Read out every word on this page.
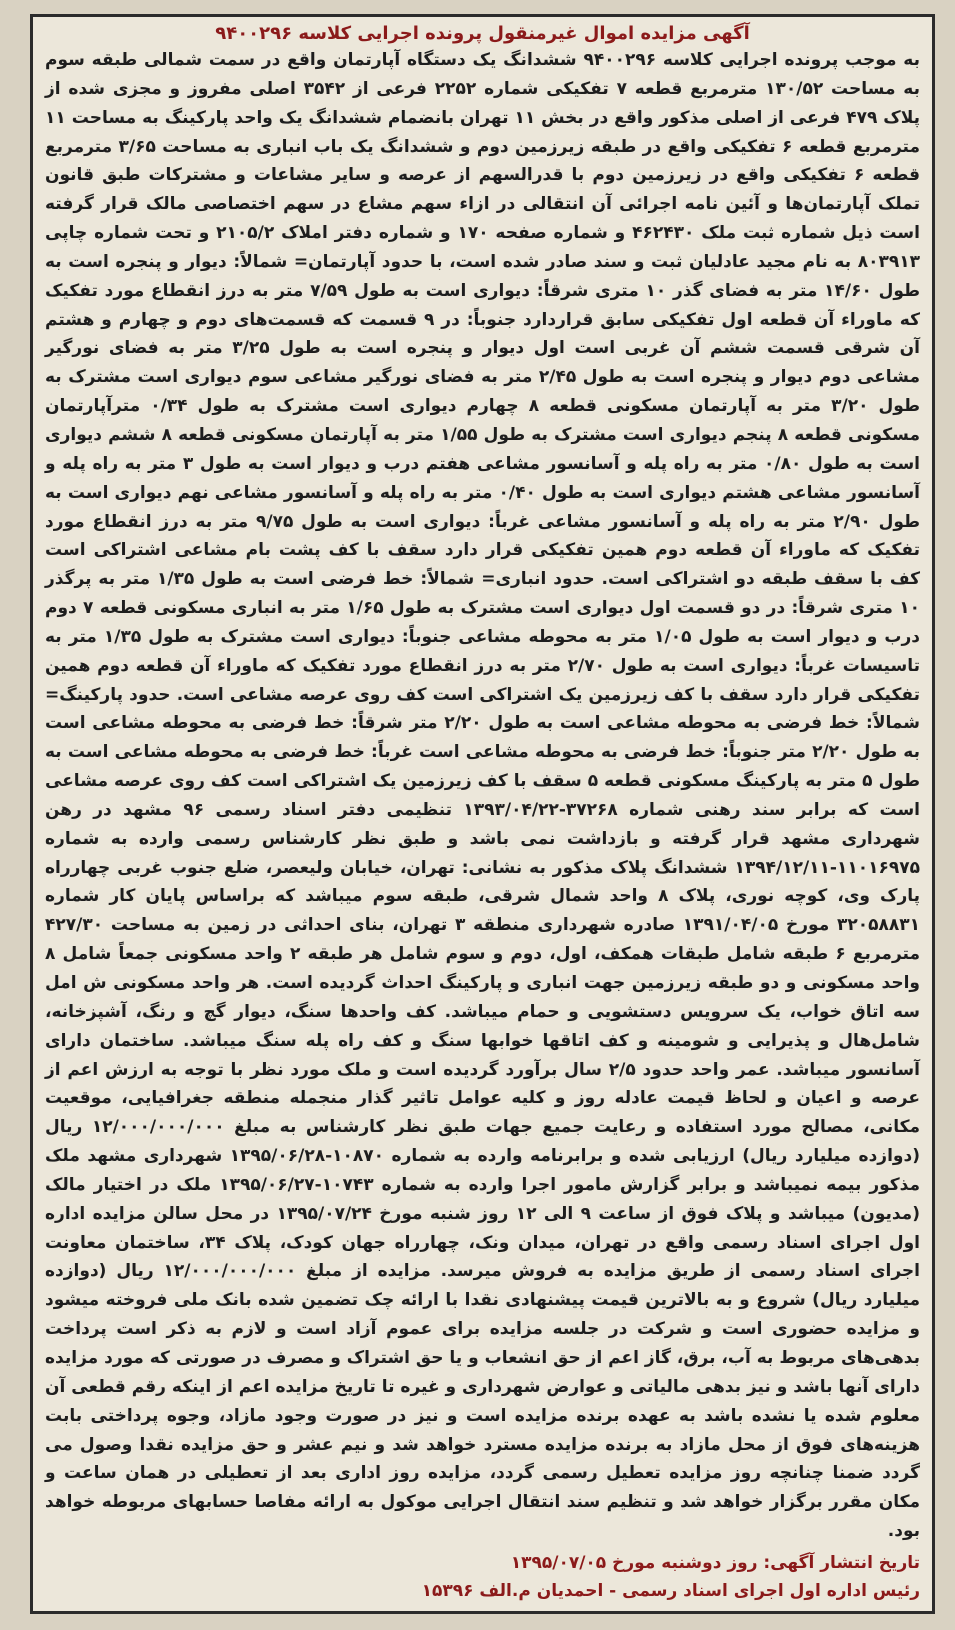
آگهی مزایده اموال غیرمنقول پرونده اجرایی کلاسه ۹۴۰۰۲۹۶
به موجب پرونده اجرایی کلاسه ۹۴۰۰۲۹۶ ششدانگ یک دستگاه آپارتمان واقع در سمت شمالی طبقه سوم به مساحت ۱۳۰/۵۲ مترمربع قطعه ۷ تفکیکی شماره ۲۲۵۲ فرعی از ۳۵۴۲ اصلی مفروز و مجزی شده از پلاک ۴۷۹ فرعی از اصلی مذکور واقع در بخش ۱۱ تهران بانضمام ششدانگ یک واحد پارکینگ به مساحت ۱۱ مترمربع قطعه ۶ تفکیکی واقع در طبقه زیرزمین دوم و ششدانگ یک باب انباری به مساحت ۳/۶۵ مترمربع قطعه ۶ تفکیکی واقع در زیرزمین دوم با قدرالسهم از عرصه و سایر مشاعات و مشترکات طبق قانون تملک آپارتمان‌ها و آئین نامه اجرائی آن انتقالی در ازاء سهم مشاع در سهم اختصاصی مالک قرار گرفته است ذیل شماره ثبت ملک ۴۶۲۴۳۰ و شماره صفحه ۱۷۰ و شماره دفتر املاک ۲۱۰۵/۲ و تحت شماره چاپی ۸۰۳۹۱۳ به نام مجید عادلیان ثبت و سند صادر شده است، با حدود آپارتمان= شمالاً: دیوار و پنجره است به طول ۱۴/۶۰ متر به فضای گذر ۱۰ متری شرقاً: دیواری است به طول ۷/۵۹ متر به درز انقطاع مورد تفکیک که ماوراء آن قطعه اول تفکیکی سابق قراردارد جنوباً: در ۹ قسمت که قسمت‌های دوم و چهارم و هشتم آن شرقی قسمت ششم آن غربی است اول دیوار و پنجره است به طول ۳/۲۵ متر به فضای نورگیر مشاعی دوم دیوار و پنجره است به طول ۲/۴۵ متر به فضای نورگیر مشاعی سوم دیواری است مشترک به طول ۳/۲۰ متر به آپارتمان مسکونی قطعه ۸ چهارم دیواری است مشترک به طول ۰/۳۴ مترآپارتمان مسکونی قطعه ۸ پنجم دیواری است مشترک به طول ۱/۵۵ متر به آپارتمان مسکونی قطعه ۸ ششم دیواری است به طول ۰/۸۰ متر به راه پله و آسانسور مشاعی هفتم درب و دیوار است به طول ۳ متر به راه پله و آسانسور مشاعی هشتم دیواری است به طول ۰/۴۰ متر به راه پله و آسانسور مشاعی نهم دیواری است به طول ۲/۹۰ متر به راه پله و آسانسور مشاعی غرباً: دیواری است به طول ۹/۷۵ متر به درز انقطاع مورد تفکیک که ماوراء آن قطعه دوم همین تفکیکی قرار دارد سقف با کف پشت بام مشاعی اشتراکی است کف با سقف طبقه دو اشتراکی است. حدود انباری= شمالاً: خط فرضی است به طول ۱/۳۵ متر به پرگذر ۱۰ متری شرقاً: در دو قسمت اول دیواری است مشترک به طول ۱/۶۵ متر به انباری مسکونی قطعه ۷ دوم درب و دیوار است به طول ۱/۰۵ متر به محوطه مشاعی جنوباً: دیواری است مشترک به طول ۱/۳۵ متر به تاسیسات غرباً: دیواری است به طول ۲/۷۰ متر به درز انقطاع مورد تفکیک که ماوراء آن قطعه دوم همین تفکیکی قرار دارد سقف با کف زیرزمین یک اشتراکی است کف روی عرصه مشاعی است. حدود پارکینگ= شمالاً: خط فرضی به محوطه مشاعی است به طول ۲/۲۰ متر شرقاً: خط فرضی به محوطه مشاعی است به طول ۲/۲۰ متر جنوباً: خط فرضی به محوطه مشاعی است غرباً: خط فرضی به محوطه مشاعی است به طول ۵ متر به پارکینگ مسکونی قطعه ۵ سقف با کف زیرزمین یک اشتراکی است کف روی عرصه مشاعی است که برابر سند رهنی شماره ۳۷۲۶۸-۱۳۹۳/۰۴/۲۲ تنظیمی دفتر اسناد رسمی ۹۶ مشهد در رهن شهرداری مشهد قرار گرفته و بازداشت نمی باشد و طبق نظر کارشناس رسمی وارده به شماره ۱۱۰۱۶۹۷۵-۱۳۹۴/۱۲/۱۱ ششدانگ پلاک مذکور به نشانی: تهران، خیابان ولیعصر، ضلع جنوب غربی چهارراه پارک وی، کوچه نوری، پلاک ۸ واحد شمال شرقی، طبقه سوم میباشد که براساس پایان کار شماره ۳۲۰۵۸۸۳۱ مورخ ۱۳۹۱/۰۴/۰۵ صادره شهرداری منطقه ۳ تهران، بنای احداثی در زمین به مساحت ۴۲۷/۳۰ مترمربع ۶ طبقه شامل طبقات همکف، اول، دوم و سوم شامل هر طبقه ۲ واحد مسکونی جمعاً شامل ۸ واحد مسکونی و دو طبقه زیرزمین جهت انباری و پارکینگ احداث گردیده است. هر واحد مسکونی ش امل سه اتاق خواب، یک سرویس دستشویی و حمام میباشد. کف واحدها سنگ، دیوار گچ و رنگ، آشپزخانه، شامل‌هال و پذیرایی و شومینه و کف اتاقها خوابها سنگ و کف راه پله سنگ میباشد. ساختمان دارای آسانسور میباشد. عمر واحد حدود ۲/۵ سال برآورد گردیده است و ملک مورد نظر با توجه به ارزش اعم از عرصه و اعیان و لحاظ قیمت عادله روز و کلیه عوامل تاثیر گذار منجمله منطقه جغرافیایی، موقعیت مکانی، مصالح مورد استفاده و رعایت جمیع جهات طبق نظر کارشناس به مبلغ ۱۲/۰۰۰/۰۰۰/۰۰۰ ریال (دوازده میلیارد ریال) ارزیابی شده و برابرنامه وارده به شماره ۱۰۸۷۰-۱۳۹۵/۰۶/۲۸ شهرداری مشهد ملک مذکور بیمه نمیباشد و برابر گزارش مامور اجرا وارده به شماره ۱۰۷۴۳-۱۳۹۵/۰۶/۲۷ ملک در اختیار مالک (مدیون) میباشد و پلاک فوق از ساعت ۹ الی ۱۲ روز شنبه مورخ ۱۳۹۵/۰۷/۲۴ در محل سالن مزایده اداره اول اجرای اسناد رسمی واقع در تهران، میدان ونک، چهارراه جهان کودک، پلاک ۳۴، ساختمان معاونت اجرای اسناد رسمی از طریق مزایده به فروش میرسد. مزایده از مبلغ ۱۲/۰۰۰/۰۰۰/۰۰۰ ریال (دوازده میلیارد ریال) شروع و به بالاترین قیمت پیشنهادی نقدا با ارائه چک تضمین شده بانک ملی فروخته میشود و مزایده حضوری است و شرکت در جلسه مزایده برای عموم آزاد است و لازم به ذکر است پرداخت بدهی‌های مربوط به آب، برق، گاز اعم از حق انشعاب و یا حق اشتراک و مصرف در صورتی که مورد مزایده دارای آنها باشد و نیز بدهی مالیاتی و عوارض شهرداری و غیره تا تاریخ مزایده اعم از اینکه رقم قطعی آن معلوم شده یا نشده باشد به عهده برنده مزایده است و نیز در صورت وجود مازاد، وجوه پرداختی بابت هزینه‌های فوق از محل مازاد به برنده مزایده مسترد خواهد شد و نیم عشر و حق مزایده نقدا وصول می گردد ضمنا چنانچه روز مزایده تعطیل رسمی گردد، مزایده روز اداری بعد از تعطیلی در همان ساعت و مکان مقرر برگزار خواهد شد و تنظیم سند انتقال اجرایی موکول به ارائه مفاصا حسابهای مربوطه خواهد بود.
تاریخ انتشار آگهی: روز دوشنبه مورخ ۱۳۹۵/۰۷/۰۵
رئیس اداره اول اجرای اسناد رسمی - احمدیان م.الف ۱۵۳۹۶
